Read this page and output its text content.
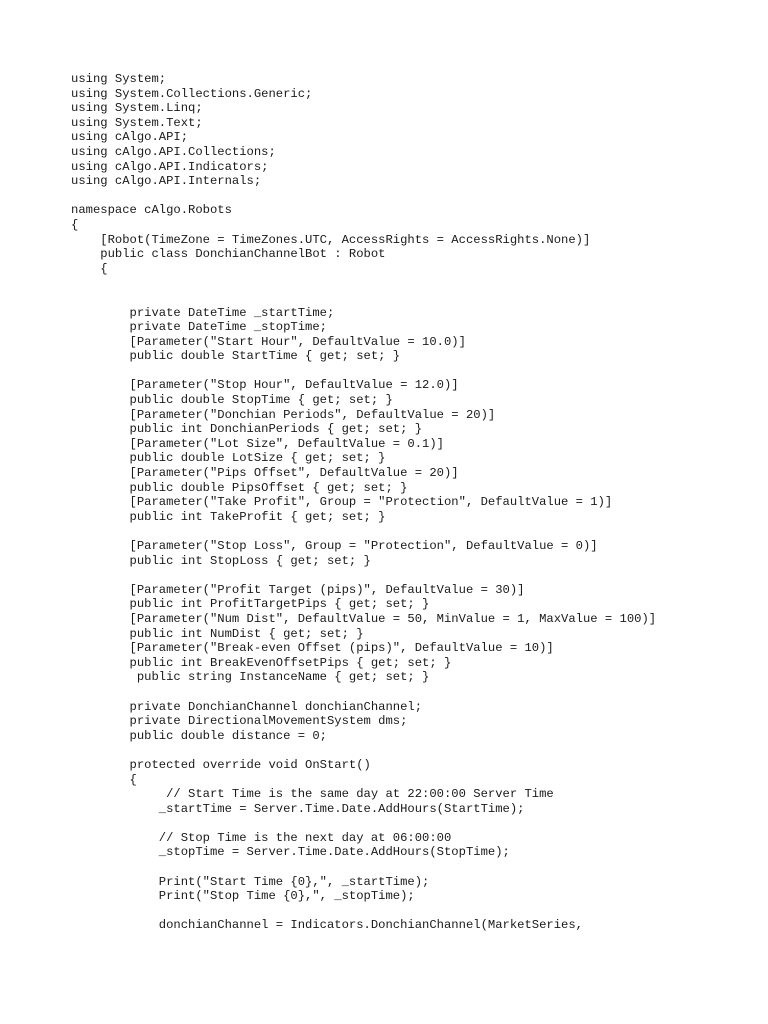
using System;
using System.Collections.Generic;
using System.Linq;
using System.Text;
using cAlgo.API;
using cAlgo.API.Collections;
using cAlgo.API.Indicators;
using cAlgo.API.Internals;
namespace cAlgo.Robots
{
[Robot(TimeZone = TimeZones.UTC, AccessRights = AccessRights.None)]
public class DonchianChannelBot : Robot
{
private DateTime _startTime;
private DateTime _stopTime;
[Parameter("Start Hour", DefaultValue = 10.0)]
public double StartTime { get; set; }
[Parameter("Stop Hour", DefaultValue = 12.0)]
public double StopTime { get; set; }
[Parameter("Donchian Periods", DefaultValue = 20)]
public int DonchianPeriods { get; set; }
[Parameter("Lot Size", DefaultValue = 0.1)]
public double LotSize { get; set; }
[Parameter("Pips Offset", DefaultValue = 20)]
public double PipsOffset { get; set; }
[Parameter("Take Profit", Group = "Protection", DefaultValue = 1)]
public int TakeProfit { get; set; }
[Parameter("Stop Loss", Group = "Protection", DefaultValue = 0)]
public int StopLoss { get; set; }
[Parameter("Profit Target (pips)", DefaultValue = 30)]
public int ProfitTargetPips { get; set; }
[Parameter("Num Dist", DefaultValue = 50, MinValue = 1, MaxValue = 100)]
public int NumDist { get; set; }
[Parameter("Break-even Offset (pips)", DefaultValue = 10)]
public int BreakEvenOffsetPips { get; set; }
public string InstanceName { get; set; }
private DonchianChannel donchianChannel;
private DirectionalMovementSystem dms;
public double distance = 0;
protected override void OnStart()
{
// Start Time is the same day at 22:00:00 Server Time
_startTime = Server.Time.Date.AddHours(StartTime);
// Stop Time is the next day at 06:00:00
_stopTime = Server.Time.Date.AddHours(StopTime);
Print("Start Time {0},", _startTime);
Print("Stop Time {0},", _stopTime);
donchianChannel = Indicators.DonchianChannel(MarketSeries,
